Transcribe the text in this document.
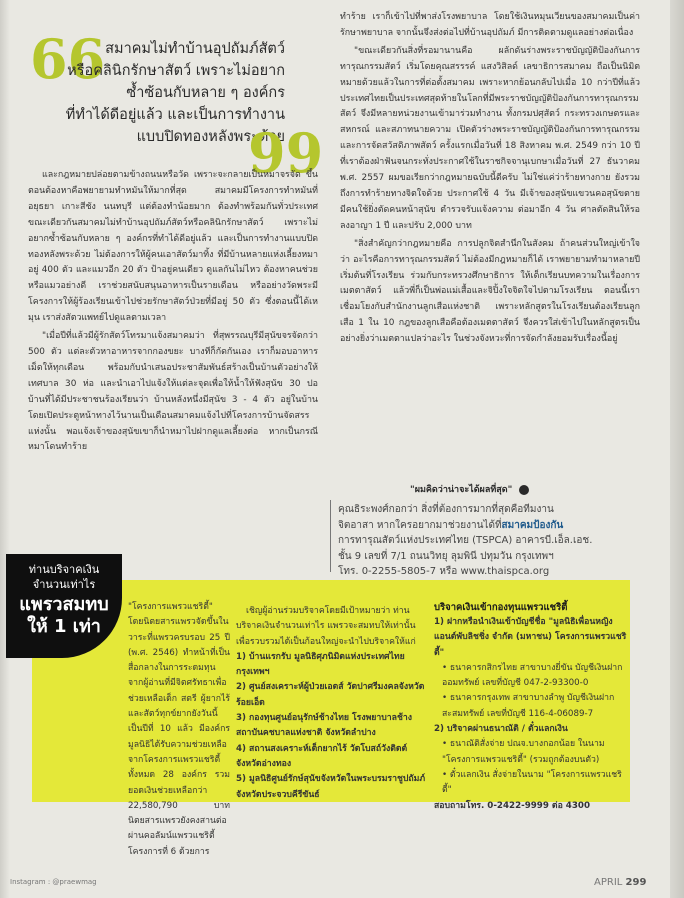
66 สมาคมไม่ทำบ้านอุปถัมภ์สัตว์
หรือคลินิกรักษาสัตว์ เพราะไม่อยาก
ซ้ำซ้อนกับหลาย ๆ องค์กร
ที่ทำได้ดีอยู่แล้ว และเป็นการทำงาน
แบบปิดทองหลังพระด้วย
99

และกฎหมายปล่อยตามข้างถนนหรือวัด เพราะจะกลายเป็นหมาจรจัด ขึ้นตอนต้องหาคือพยายามทำหมันให้มากที่สุด สมาคมมีโครงการทำหมันที่อยุธยา เกาะสีชัง นนทบุรี แต่ต้องทำน้อยมาก ต้องทำพร้อมกันทั่วประเทศ ขณะเดียวกันสมาคมไม่ทำบ้านอุปถัมภ์สัตว์หรือคลินิกรักษาสัตว์ เพราะไม่อยากซ้ำซ้อนกับหลาย ๆ องค์กรที่ทำได้ดีอยู่แล้ว และเป็นการทำงานแบบปิดทองหลังพระด้วย ไม่ต้องการให้ผู้คนเอาสัตว์มาทิ้ง ที่มีบ้านหลายแห่งเลี้ยงหมาอยู่ 400 ตัว และแมวอีก 20 ตัว ป้าอยู่คนเดียว ดูแลกันไม่ไหว ต้องหาคนช่วย หรือแมวอย่างดี เราช่วยสนับสนุนอาหารเป็นรายเดือน หรืออย่างวัดพระมีโครงการให้ผู้ร้องเรียนเข้าไปช่วยรักษาสัตว์ป่วยที่มีอยู่ 50 ตัว ซึ่งตอนนี้ได้เหมุน เราส่งสัตวแพทย์ไปดูแลตามเวลา

"เมื่อปีที่แล้วมีผู้รักสัตว์โทรมาแจ้งสมาคมว่า ที่สุพรรณบุรีมีสุนัขจรจัดกว่า 500 ตัว แต่ละตัวหาอาหารจากกองขยะ บางทีก็กัดกันเอง เราก็มอบอาหารเม็ดให้ทุกเดือน พร้อมกับนำเสนอประชาสัมพันธ์สร้างเป็นบ้านตัวอย่างให้เทศบาล 30 ห่อ และนำเอาไปแจ้งให้แต่ละจุดเพื่อให้น้ำให้ฟังสุนัข 30 ปอ บ้านที่ได้มีประชาชนร้องเรียนว่า บ้านหลังหนึ่งมีสุนัข 3 - 4 ตัว อยู่ในบ้าน โดยเปิดประตูหน้าทางไว้นานเป็นเดือนสมาคมแจ้งไปที่โครงการบ้านจัดสรรแห่งนั้น พอแจ้งเจ้าของสุนัขเขาก็นำหมาไปฝากดูแลเลี้ยงต่อ หากเป็นกรณีหมาโดนทำร้าย

ทำร้าย เราก็เข้าไปที่พาส่งโรงพยาบาล โดยใช้เงินหมุนเวียนของสมาคมเป็นค่ารักษาพยาบาล จากนั้นจึงส่งต่อไปที่บ้านอุปถัมภ์ มีการติดตามดูแลอย่างต่อเนื่อง

"ขณะเดียวกันสิ่งที่รอมานานคือ ผลักดันร่างพระราชบัญญัติป้องกันการทารุณกรรมสัตว์ เริ่มโดยคุณสรรรค์ แสงวิสิลด์ เลขาธิการสมาคม ถือเป็นนิมิตหมายด้วยแล้วในการที่ต่อตั้งสมาคม เพราะหากย้อนกลับไปเมื่อ 10 กว่าปีที่แล้ว ประเทศไทยเป็นประเทศสุดท้ายในโลกที่มีพระราชบัญญัติป้องกันการทารุณกรรมสัตว์ จึงมีหลายหน่วยงานเข้ามาร่วมทำงาน ทั้งกรมปศุสัตว์ กระทรวงเกษตรและสหกรณ์ และสภาทนายความ เปิดตัวร่างพระราชบัญญัติป้องกันการทารุณกรรมและการจัดสวัสดิภาพสัตว์ ครั้งแรกเมื่อวันที่ 18 สิงหาคม พ.ศ. 2549 กว่า 10 ปี ที่เราต้องฝ่าฟันจนกระทั่งประกาศใช้ในราชกิจจานุเบกษาเมื่อวันที่ 27 ธันวาคม พ.ศ. 2557 ผมขอเรียกว่ากฎหมายฉบับนี้ดีครับ ไม่ใช่แค่ว่าร้ายทางกาย ยังรวมถึงการทำร้ายทางจิตใจด้วย ประกาศใช้ 4 วัน มีเจ้าของสุนัขแขวนคอสุนัขตาย มีคนใช้ยิ่งตัดคนหน้าสุนัข ตำรวจรับแจ้งความ ต่อมาอีก 4 วัน ศาลตัดสินให้รอลงอาญา 1 ปี และปรับ 2,000 บาท

"สิ่งสำคัญกว่ากฎหมายคือ การปลูกจิตสำนึกในสังคม ถ้าคนส่วนใหญ่เข้าใจว่า อะไรคือการทารุณกรรมสัตว์ ไม่ต้องมีกฎหมายก็ได้ เราพยายามทำมาหลายปี เริ่มต้นที่โรงเรียน ร่วมกับกระทรวงศึกษาธิการ ให้เด็กเรียนบทความในเรื่องการเมตตาสัตว์ แล้วพี่ก็เป็นพ่อแม่เสื้อและจิปิ้งใจจิตใจไปตามโรงเรียน ตอนนี้เราเชื่อมโยงกับสำนักงานลูกเสือแห่งชาติ เพราะหลักสูตรในโรงเรียนต้องเรียนลูกเสือ 1 ใน 10 กฎของลูกเสือคือต้องเมตตาสัตว์ จึงควรใส่เข้าไปในหลักสูตรเป็นอย่างยิ่งว่าเมตตาแปลว่าอะไร ในช่วงจังหวะที่การจัดกำลังยอมรับเรื่องนี้อยู่

"ผมคิดว่าน่าจะได้ผลที่สุด"
คุณธิระพงศ์กอกว่า สิ่งที่ต้องการมากที่สุดคือทีมงาน
จิตอาสา หากใครอยากมาช่วยงานได้ที่สมาคมป้องกัน
การทารุณสัตว์แห่งประเทศไทย (TSPCA) อาคารบี.เอ็ล.เอช.
ชั้น 9 เลขที่ 7/1 ถนนวิทยุ ลุมพินี ปทุมวัน กรุงเทพฯ
โทร. 0-2255-5805-7 หรือ www.thaispca.org
ท่านบริจาคเงินจำนวนเท่าไร
แพรวสมทบให้ 1 เท่า

"โครงการแพรวแชริตี้" โดยนิตยสารแพรวจัดขึ้นในวาระที่แพรวครบรอบ 25 ปี (พ.ศ. 2546) ทำหน้าที่เป็นสื่อกลางในการระดมทุนจากผู้อ่านที่มีจิตศรัทธาเพื่อช่วยเหลือเด็ก สตรี ผู้ยากไร้ และสัตว์ทุกข์ยากยังวันนี้เป็นปีที่ 10 แล้ว มีองค์กรมูลนิธิได้รับความช่วยเหลือจากโครงการแพรวแชริตี้ทั้งหมด 28 องค์กร รวมยอดเงินช่วยเหลือกว่า 22,580,790 บาท นิตยสารแพรวยังคงสานต่อผ่านคอลัมน์แพรวแชริตี้ โครงการที่ 6 ด้วยการ

เชิญผู้อ่านร่วมบริจาคโดยมีเป้าหมายว่า ท่านบริจาคเงินจำนวนเท่าไร แพรวจะสมทบให้เท่านั้น เพื่อรวบรวมได้เป็นก้อนใหญ่จะนำไปบริจาคให้แก่

1) บ้านแรกรับ มูลนิธิศุภนิมิตแห่งประเทศไทยกรุงเทพฯ

2) ศูนย์สงเคราะห์ผู้ป่วยเอดส์ วัดปาศรีมงคลจังหวัดร้อยเอ็ด

3) กองทุนศูนย์อนุรักษ์ช้างไทย โรงพยาบาลช้าง สถาบันคชบาลแห่งชาติ จังหวัดลำปาง

4) สถานสงเคราะห์เด็กยากไร้ วัดโบสถ์วังติดต์จังหวัดอ่างทอง

5) มูลนิธิศูนย์รักษ์สุนัขจังหวัดในพระบรมราชูปถัมภ์ จังหวัดประจวบคีรีขันธ์

บริจาคเงินเข้ากองทุนแพรวแชริตี้

1) ฝากหรือนำเงินเข้าบัญชีชื่อ "มูลนิธิเพื่อนหญิงแอนด์พับลิชชิ่ง จำกัด (มหาชน) โครงการแพรวแชริตี้"

• ธนาคารกสิกรไทย สาขาบางยี่ขัน บัญชีเงินฝากออมทรัพย์ เลขที่บัญชี 047-2-93300-0

• ธนาคารกรุงเทพ สาขาบางลำพู บัญชีเงินฝากสะสมทรัพย์ เลขที่บัญชี 116-4-06089-7

2) บริจาคผ่านธนาณัติ / ตั๋วแลกเงิน

• ธนาณัติสั่งจ่าย ปณจ.บางกอกน้อย ในนาม "โครงการแพรวแชริตี้" (รวมถูกต้องบนตัว)

• ตั๋วแลกเงิน สั่งจ่ายในนาม "โครงการแพรวแชริตี้"

สอบถามโทร. 0-2422-9999 ต่อ 4300

Instagram : @praewmag	APRIL 299
